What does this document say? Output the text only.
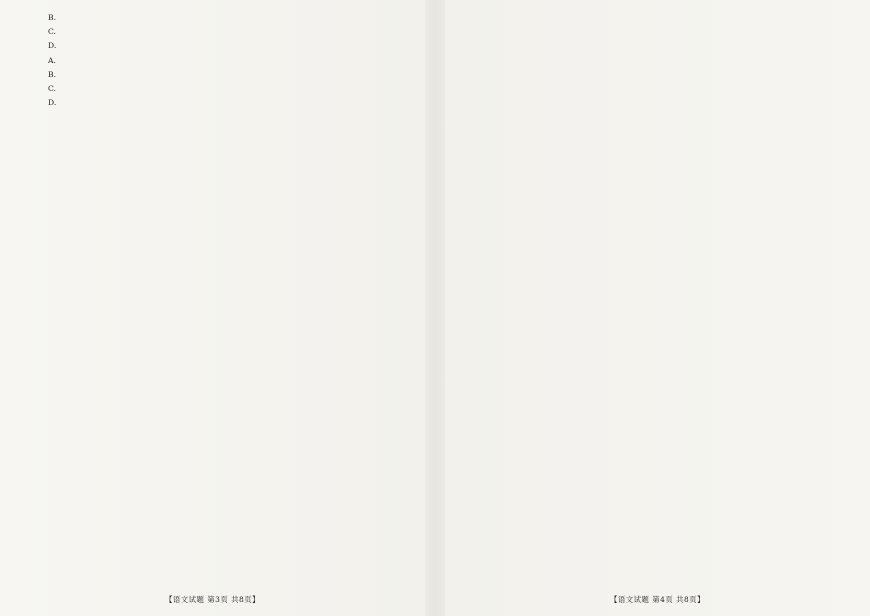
B.

C.

D.

A.

B.

C.

D.

【语文试题 第3页 共8页】	【语文试题 第4页 共8页】
